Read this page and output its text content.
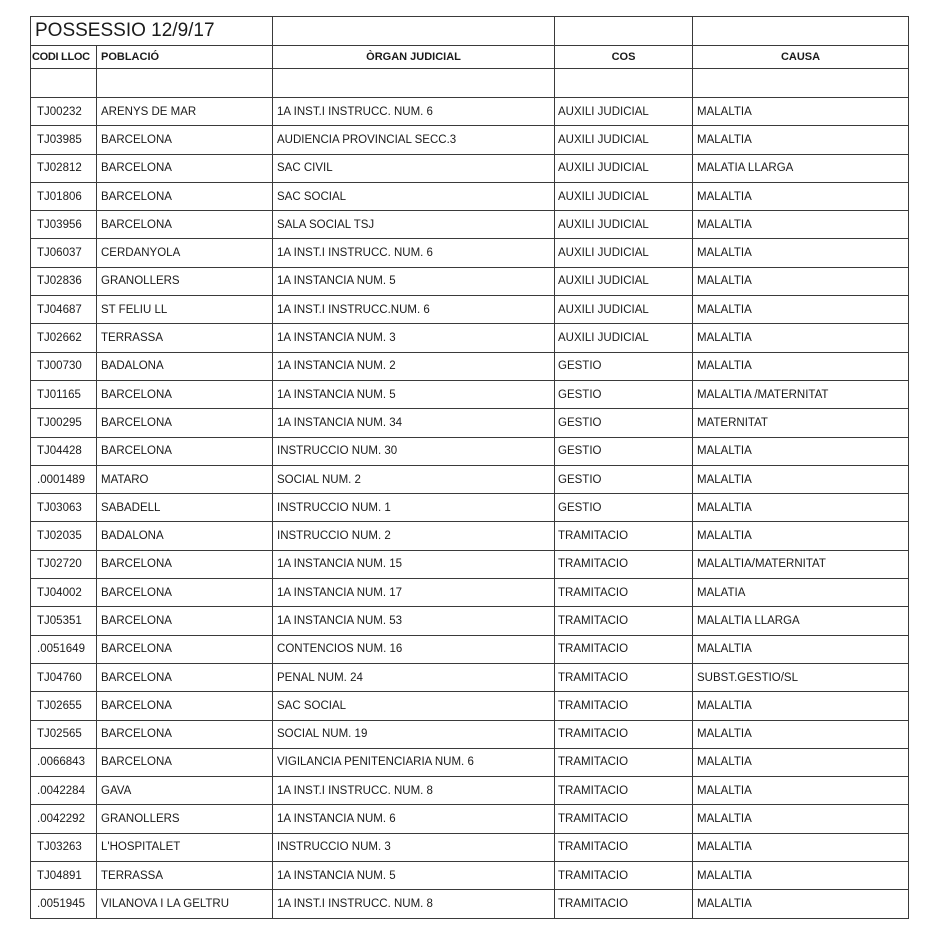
POSSESSIO 12/9/17				
CODI LLOC	POBLACIÓ	ÒRGAN JUDICIAL	COS	CAUSA

TJ00232	ARENYS DE MAR	1A INST.I INSTRUCC. NUM. 6	AUXILI JUDICIAL	MALALTIA
TJ03985	BARCELONA	AUDIENCIA PROVINCIAL SECC.3	AUXILI JUDICIAL	MALALTIA
TJ02812	BARCELONA	SAC CIVIL	AUXILI JUDICIAL	MALATIA LLARGA
TJ01806	BARCELONA	SAC SOCIAL	AUXILI JUDICIAL	MALALTIA
TJ03956	BARCELONA	SALA SOCIAL TSJ	AUXILI JUDICIAL	MALALTIA
TJ06037	CERDANYOLA	1A INST.I INSTRUCC. NUM. 6	AUXILI JUDICIAL	MALALTIA
TJ02836	GRANOLLERS	1A INSTANCIA NUM. 5	AUXILI JUDICIAL	MALALTIA
TJ04687	ST FELIU LL	1A INST.I INSTRUCC.NUM. 6	AUXILI JUDICIAL	MALALTIA
TJ02662	TERRASSA	1A INSTANCIA NUM. 3	AUXILI JUDICIAL	MALALTIA
TJ00730	BADALONA	1A INSTANCIA NUM. 2	GESTIO	MALALTIA
TJ01165	BARCELONA	1A INSTANCIA NUM. 5	GESTIO	MALALTIA /MATERNITAT
TJ00295	BARCELONA	1A INSTANCIA NUM. 34	GESTIO	MATERNITAT
TJ04428	BARCELONA	INSTRUCCIO NUM. 30	GESTIO	MALALTIA
.0001489	MATARO	SOCIAL NUM. 2	GESTIO	MALALTIA
TJ03063	SABADELL	INSTRUCCIO NUM. 1	GESTIO	MALALTIA
TJ02035	BADALONA	INSTRUCCIO NUM. 2	TRAMITACIO	MALALTIA
TJ02720	BARCELONA	1A INSTANCIA NUM. 15	TRAMITACIO	MALALTIA/MATERNITAT
TJ04002	BARCELONA	1A INSTANCIA NUM. 17	TRAMITACIO	MALATIA
TJ05351	BARCELONA	1A INSTANCIA NUM. 53	TRAMITACIO	MALALTIA LLARGA
.0051649	BARCELONA	CONTENCIOS NUM. 16	TRAMITACIO	MALALTIA
TJ04760	BARCELONA	PENAL NUM. 24	TRAMITACIO	SUBST.GESTIO/SL
TJ02655	BARCELONA	SAC SOCIAL	TRAMITACIO	MALALTIA
TJ02565	BARCELONA	SOCIAL NUM. 19	TRAMITACIO	MALALTIA
.0066843	BARCELONA	VIGILANCIA PENITENCIARIA NUM. 6	TRAMITACIO	MALALTIA
.0042284	GAVA	1A INST.I INSTRUCC. NUM. 8	TRAMITACIO	MALALTIA
.0042292	GRANOLLERS	1A INSTANCIA NUM. 6	TRAMITACIO	MALALTIA
TJ03263	L'HOSPITALET	INSTRUCCIO NUM. 3	TRAMITACIO	MALALTIA
TJ04891	TERRASSA	1A INSTANCIA NUM. 5	TRAMITACIO	MALALTIA
.0051945	VILANOVA I LA GELTRU	1A INST.I INSTRUCC. NUM. 8	TRAMITACIO	MALALTIA
